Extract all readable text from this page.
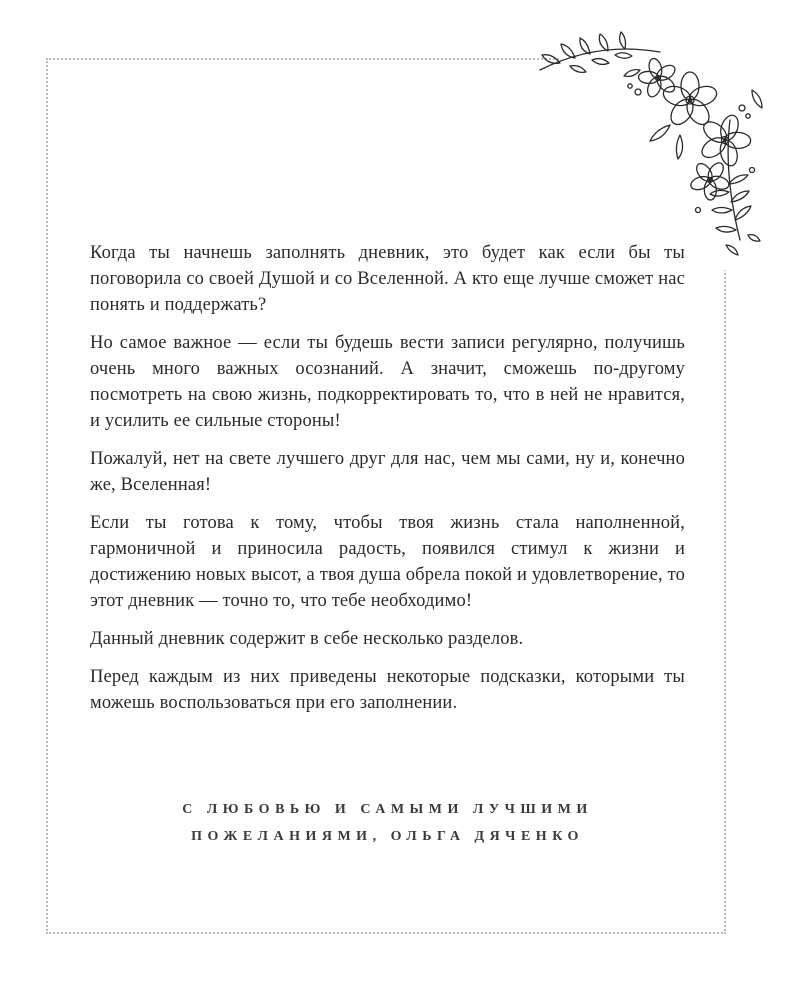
Когда ты начнешь заполнять дневник, это будет как если бы ты поговорила со своей Душой и со Вселенной. А кто еще лучше сможет нас понять и поддержать?

Но самое важное — если ты будешь вести записи регулярно, получишь очень много важных осознаний. А значит, сможешь по-другому посмотреть на свою жизнь, подкорректировать то, что в ней не нравится, и усилить ее сильные стороны!

Пожалуй, нет на свете лучшего друг для нас, чем мы сами, ну и, конечно же, Вселенная!

Если ты готова к тому, чтобы твоя жизнь стала наполненной, гармоничной и приносила радость, появился стимул к жизни и достижению новых высот, а твоя душа обрела покой и удовлетворение, то этот дневник — точно то, что тебе необходимо!

Данный дневник содержит в себе несколько разделов.

Перед каждым из них приведены некоторые подсказки, которыми ты можешь воспользоваться при его заполнении.

С ЛЮБОВЬЮ И САМЫМИ ЛУЧШИМИ
ПОЖЕЛАНИЯМИ, ОЛЬГА ДЯЧЕНКО
